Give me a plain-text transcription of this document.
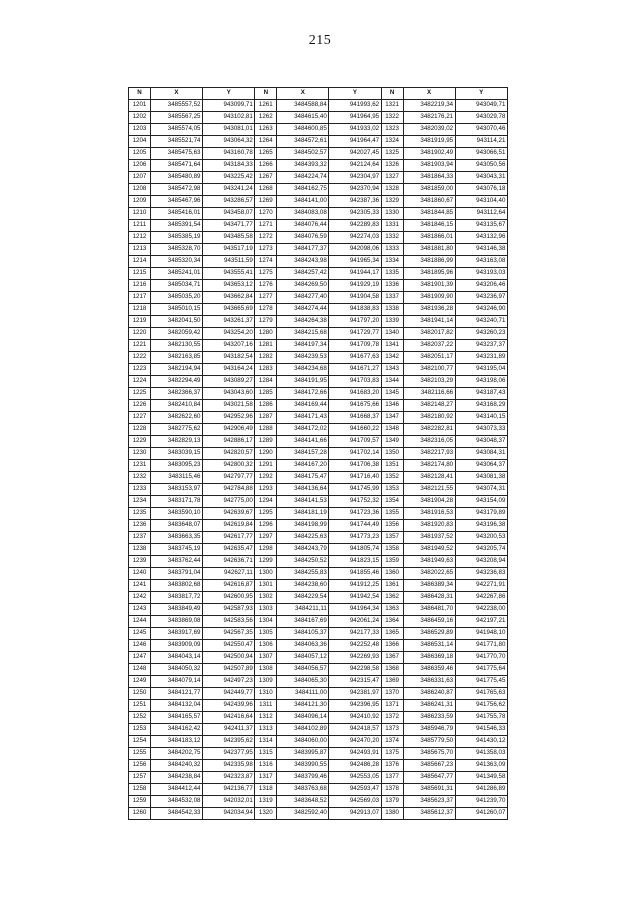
215
N	X	Y	N	X	Y	N	X	Y
1201	3485557,52	943099,71	1261	3484588,84	941993,62	1321	3482219,34	943049,71
1202	3485567,25	943102,81	1262	3484615,40	941964,95	1322	3482176,21	943029,78
1203	3485574,05	943081,01	1263	3484600,85	941933,02	1323	3482039,02	943070,46
1204	3485521,74	943064,32	1264	3484572,61	941964,47	1324	3481919,95	943114,21
1205	3485475,63	943160,78	1265	3484502,57	942027,45	1325	3481902,49	943066,51
1206	3485471,64	943184,33	1266	3484393,32	942124,64	1326	3481903,94	943050,56
1207	3485480,89	943225,42	1267	3484224,74	942304,97	1327	3481864,33	943043,31
1208	3485472,98	943241,24	1268	3484162,75	942370,94	1328	3481859,00	943076,18
1209	3485467,96	943286,57	1269	3484141,00	942387,36	1329	3481860,67	943104,40
1210	3485416,01	943458,07	1270	3484083,08	942305,33	1330	3481844,85	943112,64
1211	3485391,54	943471,77	1271	3484076,44	942289,83	1331	3481846,15	943135,67
1212	3485385,19	943485,58	1272	3484076,59	942274,03	1332	3481866,01	943132,96
1213	3485328,70	943517,19	1273	3484177,37	942098,06	1333	3481881,80	943146,38
1214	3485320,34	943511,59	1274	3484243,98	941965,34	1334	3481886,99	943163,08
1215	3485241,01	943555,41	1275	3484257,42	941944,17	1335	3481895,96	943193,03
1216	3485034,71	943653,12	1276	3484269,50	941929,19	1336	3481901,39	943206,46
1217	3485035,20	943662,84	1277	3484277,40	941904,58	1337	3481909,90	943236,97
1218	3485010,15	943665,69	1278	3484274,44	941838,83	1338	3481936,28	943246,90
1219	3482041,50	943261,37	1279	3484264,38	941797,20	1339	3481941,14	943240,71
1220	3482059,42	943254,20	1280	3484215,68	941729,77	1340	3482017,82	943260,23
1221	3482130,55	943207,16	1281	3484197,34	941709,78	1341	3482037,22	943237,37
1222	3482163,85	943182,54	1282	3484239,53	941677,63	1342	3482051,17	943231,89
1223	3482194,94	943164,24	1283	3484234,68	941671,27	1343	3482100,77	943195,04
1224	3482294,49	943089,27	1284	3484191,95	941703,83	1344	3482103,29	943198,06
1225	3482366,37	943043,60	1285	3484172,66	941683,20	1345	3482116,66	943187,43
1226	3482410,84	943021,58	1286	3484169,44	941675,66	1346	3482148,27	943168,29
1227	3482622,60	942952,96	1287	3484171,43	941668,37	1347	3482180,92	943140,15
1228	3482775,62	942906,49	1288	3484172,02	941660,22	1348	3482282,81	943073,33
1229	3482829,13	942886,17	1289	3484141,66	941709,57	1349	3482316,05	943048,37
1230	3483039,15	942820,57	1290	3484157,28	941702,14	1350	3482217,93	943084,31
1231	3483095,23	942800,32	1291	3484167,20	941706,38	1351	3482174,80	943064,37
1232	3483115,46	942797,77	1292	3484175,47	941716,40	1352	3482128,41	943081,38
1233	3483153,97	942784,88	1293	3484136,64	941745,99	1353	3482121,55	943074,31
1234	3483171,78	942775,00	1294	3484141,53	941752,32	1354	3481904,28	943154,09
1235	3483590,10	942639,67	1295	3484181,19	941723,36	1355	3481916,53	943179,89
1236	3483648,07	942619,84	1296	3484198,99	941744,49	1356	3481920,83	943196,38
1237	3483663,35	942617,77	1297	3484225,63	941773,23	1357	3481937,52	943200,53
1238	3483745,19	942635,47	1298	3484243,79	941805,74	1358	3481949,52	943205,74
1239	3483762,44	942636,71	1299	3484250,52	941823,15	1359	3481949,63	943208,94
1240	3483791,04	942627,11	1300	3484255,83	941855,46	1360	3482022,65	943236,83
1241	3483802,68	942616,87	1301	3484238,60	941912,25	1361	3486389,34	942271,91
1242	3483817,72	942600,95	1302	3484229,54	941942,54	1362	3486428,31	942267,86
1243	3483849,49	942587,93	1303	3484211,11	941964,34	1363	3486481,70	942238,00
1244	3483869,08	942583,56	1304	3484167,69	942061,24	1364	3486459,16	942197,21
1245	3483917,69	942567,35	1305	3484105,37	942177,33	1365	3486529,89	941948,10
1246	3483909,09	942550,47	1306	3484063,36	942252,48	1366	3486531,14	941771,80
1247	3484043,14	942500,94	1307	3484057,12	942269,93	1367	3486369,18	941770,70
1248	3484050,32	942507,89	1308	3484056,57	942298,58	1368	3486359,46	941775,64
1249	3484079,14	942497,23	1309	3484065,30	942315,47	1369	3486331,63	941775,45
1250	3484121,77	942449,77	1310	3484111,00	942381,97	1370	3486240,87	941765,63
1251	3484132,04	942439,96	1311	3484121,30	942396,95	1371	3486241,31	941756,62
1252	3484165,57	942416,64	1312	3484096,14	942410,92	1372	3486233,59	941755,78
1253	3484162,42	942411,37	1313	3484102,89	942418,57	1373	3485946,79	941546,33
1254	3484183,12	942395,62	1314	3484060,00	942470,20	1374	3485779,50	941430,12
1255	3484202,75	942377,95	1315	3483995,87	942493,91	1375	3485675,70	941358,03
1256	3484240,32	942335,98	1316	3483990,55	942486,28	1376	3485667,23	941363,09
1257	3484238,84	942323,87	1317	3483799,46	942553,05	1377	3485647,77	941349,58
1258	3484412,44	942136,77	1318	3483763,68	942593,47	1378	3485691,31	941286,89
1259	3484532,08	942032,01	1319	3483648,52	942569,03	1379	3485623,37	941239,70
1260	3484542,33	942034,94	1320	3482592,40	942913,07	1380	3485612,37	941260,07
